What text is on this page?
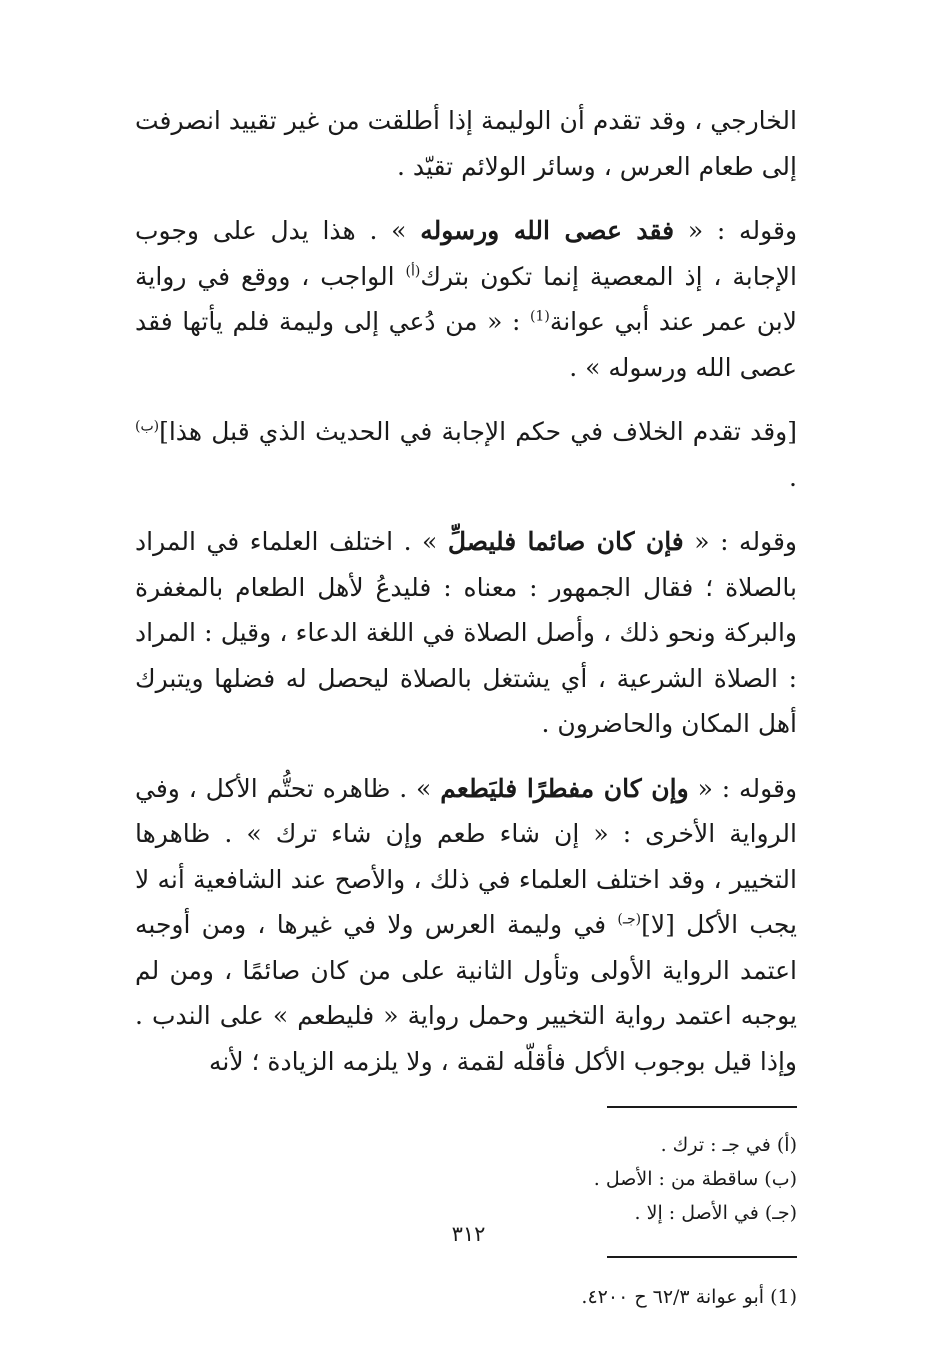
الخارجي ، وقد تقدم أن الوليمة إذا أطلقت من غير تقييد انصرفت إلى طعام العرس ، وسائر الولائم تقيّد .

وقوله : « فقد عصى الله ورسوله » . هذا يدل على وجوب الإجابة ، إذ المعصية إنما تكون بترك$^{(أ)}$ الواجب ، ووقع في رواية لابن عمر عند أبي عوانة$^{(1)}$ : « من دُعي إلى وليمة فلم يأتها فقد عصى الله ورسوله » .

[وقد تقدم الخلاف في حكم الإجابة في الحديث الذي قبل هذا]$^{(ب)}$ .

وقوله : « فإن كان صائما فليصلِّ » . اختلف العلماء في المراد بالصلاة ؛ فقال الجمهور : معناه : فليدعُ لأهل الطعام بالمغفرة والبركة ونحو ذلك ، وأصل الصلاة في اللغة الدعاء ، وقيل : المراد : الصلاة الشرعية ، أي يشتغل بالصلاة ليحصل له فضلها ويتبرك أهل المكان والحاضرون .

وقوله : « وإن كان مفطرًا فليَطعم » . ظاهره تحتُّم الأكل ، وفي الرواية الأخرى : « إن شاء طعم وإن شاء ترك » . ظاهرها التخيير ، وقد اختلف العلماء في ذلك ، والأصح عند الشافعية أنه لا يجب الأكل [لا]$^{(جـ)}$ في وليمة العرس ولا في غيرها ، ومن أوجبه اعتمد الرواية الأولى وتأول الثانية على من كان صائمًا ، ومن لم يوجبه اعتمد رواية التخيير وحمل رواية « فليطعم » على الندب . وإذا قيل بوجوب الأكل فأقلّه لقمة ، ولا يلزمه الزيادة ؛ لأنه

(أ) في جـ : ترك .
(ب) ساقطة من : الأصل .
(جـ) في الأصل : إلا .
(1) أبو عوانة ٦٢/٣ ح ٤٢٠٠.
٣١٢
